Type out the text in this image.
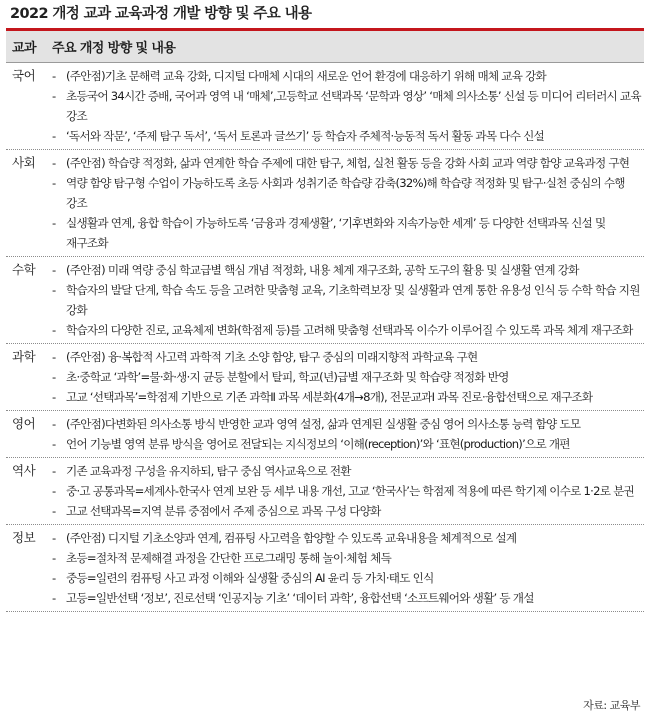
2022 개정 교과 교육과정 개발 방향 및 주요 내용
교과	주요 개정 방향 및 내용
국어	- (주안점)기초 문해력 교육 강화, 디지털 다매체 시대의 새로운 언어 환경에 대응하기 위해 매체 교육 강화
- 초등국어 34시간 증배, 국어과 영역 내 ‘매체’,고등학교 선택과목 ‘문학과 영상’ ‘매체 의사소통’ 신설 등 미디어 리터러시 교육 강조
- ‘독서와 작문’, ‘주제 탐구 독서’, ‘독서 토론과 글쓰기’ 등 학습자 주체적·능동적 독서 활동 과목 다수 신설
사회	- (주안점) 학습량 적정화, 삶과 연계한 학습 주제에 대한 탐구, 체험, 실천 활동 등을 강화 사회 교과 역량 함양 교육과정 구현
- 역량 함양 탐구형 수업이 가능하도록 초등 사회과 성취기준 학습량 감축(32%)해 학습량 적정화 및 탐구·실천 중심의 수행 강조
- 실생활과 연계, 융합 학습이 가능하도록 ‘금융과 경제생활’, ‘기후변화와 지속가능한 세계’ 등 다양한 선택과목 신설 및 재구조화
수학	- (주안점) 미래 역량 중심 학교급별 핵심 개념 적정화, 내용 체계 재구조화, 공학 도구의 활용 및 실생활 연계 강화
- 학습자의 발달 단계, 학습 속도 등을 고려한 맞춤형 교육, 기초학력보장 및 실생활과 연계 통한 유용성 인식 등 수학 학습 지원 강화
- 학습자의 다양한 진로, 교육체제 변화(학점제 등)를 고려해 맞춤형 선택과목 이수가 이루어질 수 있도록 과목 체계 재구조화
과학	- (주안점) 융·복합적 사고력 과학적 기초 소양 함양, 탐구 중심의 미래지향적 과학교육 구현
- 초·중학교 ‘과학’=물·화·생·지 균등 분할에서 탈피, 학교(년)급별 재구조화 및 학습량 적정화 반영
- 고교 ‘선택과목’=학점제 기반으로 기존 과학Ⅱ 과목 세분화(4개→8개), 전문교과Ⅰ 과목 진로·융합선택으로 재구조화
영어	- (주안점)다변화된 의사소통 방식 반영한 교과 영역 설정, 삶과 연계된 실생활 중심 영어 의사소통 능력 함양 도모
- 언어 기능별 영역 분류 방식을 영어로 전달되는 지식정보의 ‘이해(reception)’와 ‘표현(production)’으로 개편
역사	- 기존 교육과정 구성을 유지하되, 탐구 중심 역사교육으로 전환
- 중·고 공통과목=세계사-한국사 연계 보완 등 세부 내용 개선, 고교 ‘한국사’는 학점제 적용에 따른 학기제 이수로 1·2로 분권
- 고교 선택과목=지역 분류 중점에서 주제 중심으로 과목 구성 다양화
정보	- (주안점) 디지털 기초소양과 연계, 컴퓨팅 사고력을 함양할 수 있도록 교육내용을 체계적으로 설계
- 초등=절차적 문제해결 과정을 간단한 프로그래밍 통해 놀이·체험 체득
- 중등=일련의 컴퓨팅 사고 과정 이해와 실생활 중심의 AI 윤리 등 가치·태도 인식
- 고등=일반선택 ‘정보’, 진로선택 ‘인공지능 기초’ ‘데이터 과학’, 융합선택 ‘소프트웨어와 생활’ 등 개설
자료: 교육부
